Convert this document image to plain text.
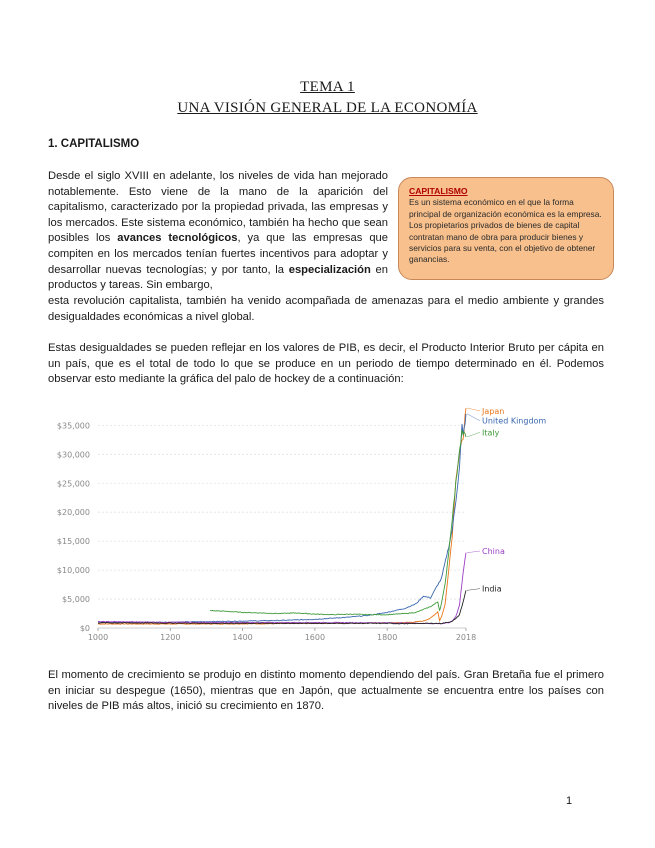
TEMA 1
UNA VISIÓN GENERAL DE LA ECONOMÍA
1. CAPITALISMO

Desde el siglo XVIII en adelante, los niveles de vida han mejorado notablemente. Esto viene de la mano de la aparición del capitalismo, caracterizado por la propiedad privada, las empresas y los mercados. Este sistema económico, también ha hecho que sean posibles los avances tecnológicos, ya que las empresas que compiten en los mercados tenían fuertes incentivos para adoptar y desarrollar nuevas tecnologías; y por tanto, la especialización en productos y tareas. Sin embargo,

CAPITALISMO
Es un sistema económico en el que la forma principal de organización económica es la empresa. Los propietarios privados de bienes de capital contratan mano de obra para producir bienes y servicios para su venta, con el objetivo de obtener ganancias.

esta revolución capitalista, también ha venido acompañada de amenazas para el medio ambiente y grandes desigualdades económicas a nivel global.

Estas desigualdades se pueden reflejar en los valores de PIB, es decir, el Producto Interior Bruto per cápita en un país, que es el total de todo lo que se produce en un periodo de tiempo determinado en él. Podemos observar esto mediante la gráfica del palo de hockey de a continuación:

$0
$5,000
$10,000
$15,000
$20,000
$25,000
$30,000
$35,000
1000	1200	1400	1600	1800	2018
Japan
United Kingdom
Italy
China
India

El momento de crecimiento se produjo en distinto momento dependiendo del país. Gran Bretaña fue el primero en iniciar su despegue (1650), mientras que en Japón, que actualmente se encuentra entre los países con niveles de PIB más altos, inició su crecimiento en 1870.

1
